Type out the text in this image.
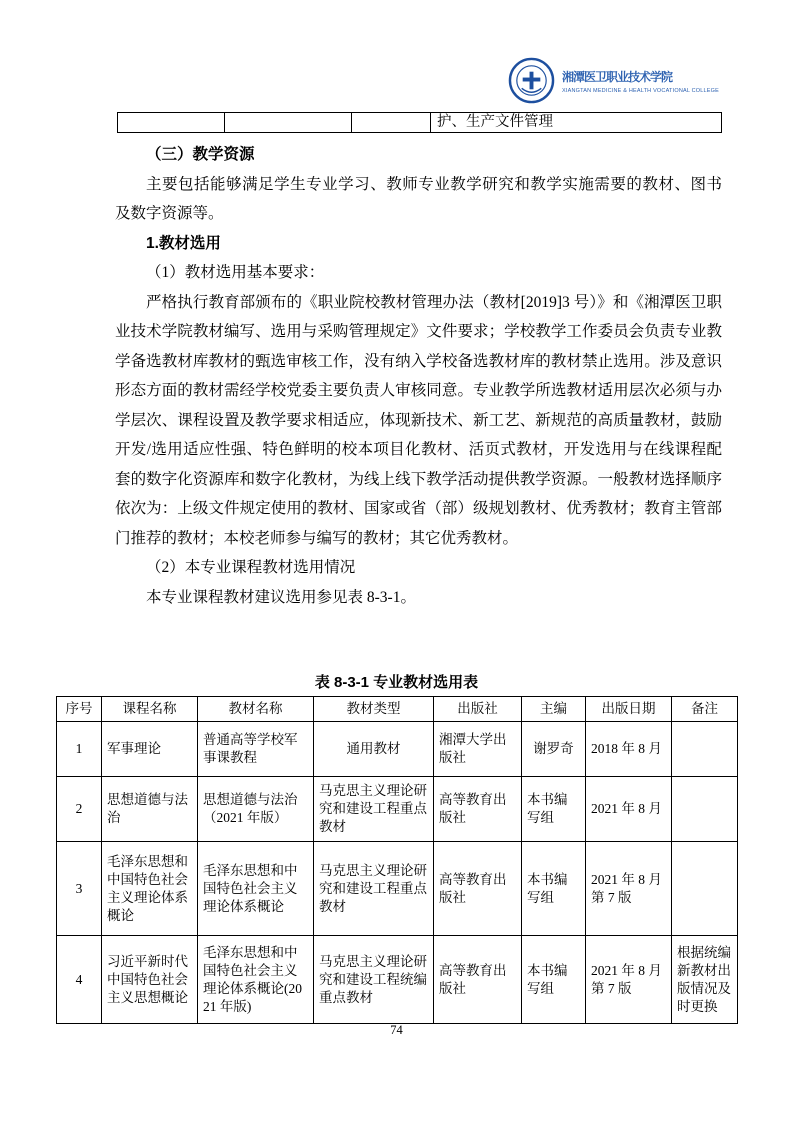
湘潭医卫职业技术学院
XIANGTAN MEDICINE & HEALTH VOCATIONAL COLLEGE
			护、生产文件管理

（三）教学资源

主要包括能够满足学生专业学习、教师专业教学研究和教学实施需要的教材、图书 及数字资源等。

1.教材选用

（1）教材选用基本要求：

严格执行教育部颁布的《职业院校教材管理办法（教材[2019]3 号）》和《湘潭医卫职业技术学院教材编写、选用与采购管理规定》文件要求；学校教学工作委员会负责专业教学备选教材库教材的甄选审核工作，没有纳入学校备选教材库的教材禁止选用。涉及意识形态方面的教材需经学校党委主要负责人审核同意。专业教学所选教材适用层次必须与办学层次、课程设置及教学要求相适应，体现新技术、新工艺、新规范的高质量教材，鼓励开发/选用适应性强、特色鲜明的校本项目化教材、活页式教材，开发选用与在线课程配套的数字化资源库和数字化教材，为线上线下教学活动提供教学资源。一般教材选择顺序依次为：上级文件规定使用的教材、国家或省（部）级规划教材、优秀教材；教育主管部门推荐的教材；本校老师参与编写的教材；其它优秀教材。

（2）本专业课程教材选用情况

本专业课程教材建议选用参见表 8-3-1。

表 8-3-1 专业教材选用表
序号	课程名称	教材名称	教材类型	出版社	主编	出版日期	备注
1	军事理论	普通高等学校军事课教程	通用教材	湘潭大学出版社	谢罗奇	2018 年 8 月	
2	思想道德与法治	思想道德与法治（2021 年版）	马克思主义理论研究和建设工程重点教材	高等教育出版社	本书编写组	2021 年 8 月	
3	毛泽东思想和中国特色社会主义理论体系概论	毛泽东思想和中国特色社会主义理论体系概论	马克思主义理论研究和建设工程重点教材	高等教育出版社	本书编写组	2021 年 8 月 第 7 版	
4	习近平新时代中国特色社会主义思想概论	毛泽东思想和中国特色社会主义理论体系概论(2021 年版)	马克思主义理论研究和建设工程统编重点教材	高等教育出版社	本书编写组	2021 年 8 月 第 7 版	根据统编新教材出版情况及时更换
74
